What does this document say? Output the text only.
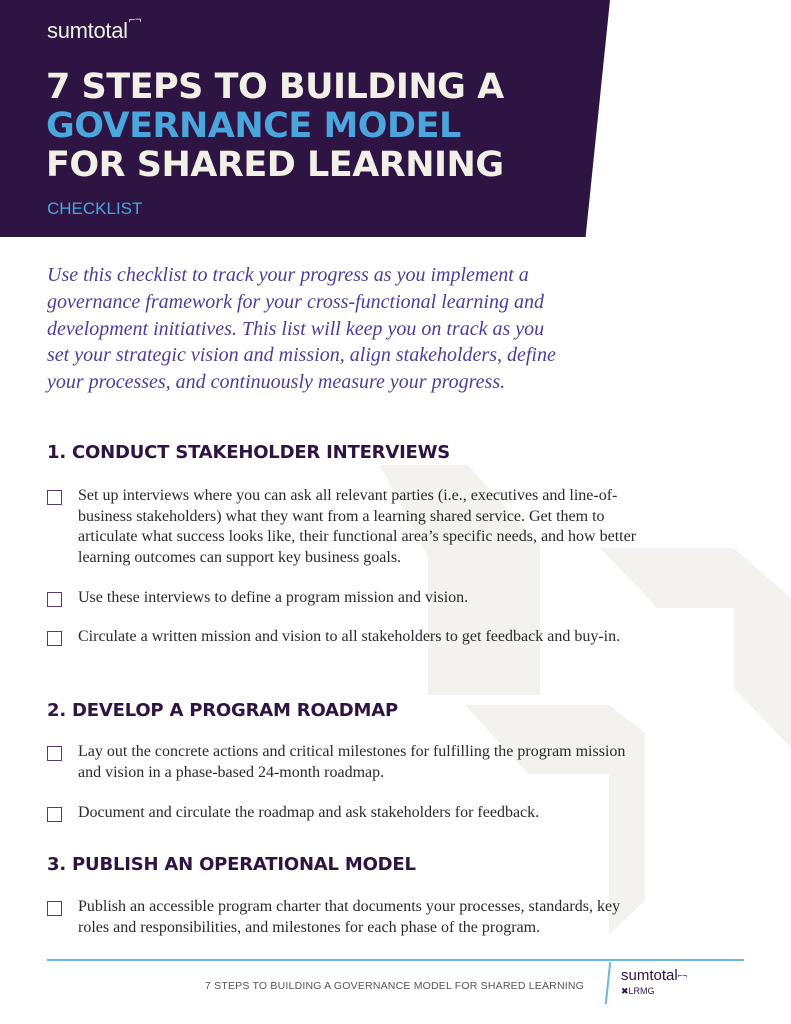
sumtotal⌐¬
7 STEPS TO BUILDING A
GOVERNANCE MODEL
FOR SHARED LEARNING
CHECKLIST

Use this checklist to track your progress as you implement a governance framework for your cross-functional learning and development initiatives. This list will keep you on track as you set your strategic vision and mission, align stakeholders, define your processes, and continuously measure your progress.

1. CONDUCT STAKEHOLDER INTERVIEWS
Set up interviews where you can ask all relevant parties (i.e., executives and line-of-business stakeholders) what they want from a learning shared service. Get them to articulate what success looks like, their functional area’s specific needs, and how better learning outcomes can support key business goals.
Use these interviews to define a program mission and vision.
Circulate a written mission and vision to all stakeholders to get feedback and buy-in.
2. DEVELOP A PROGRAM ROADMAP
Lay out the concrete actions and critical milestones for fulfilling the program mission and vision in a phase-based 24-month roadmap.
Document and circulate the roadmap and ask stakeholders for feedback.
3. PUBLISH AN OPERATIONAL MODEL
Publish an accessible program charter that documents your processes, standards, key roles and responsibilities, and milestones for each phase of the program.
7 STEPS TO BUILDING A GOVERNANCE MODEL FOR SHARED LEARNING
sumtotal⌐¬
✖LRMG
